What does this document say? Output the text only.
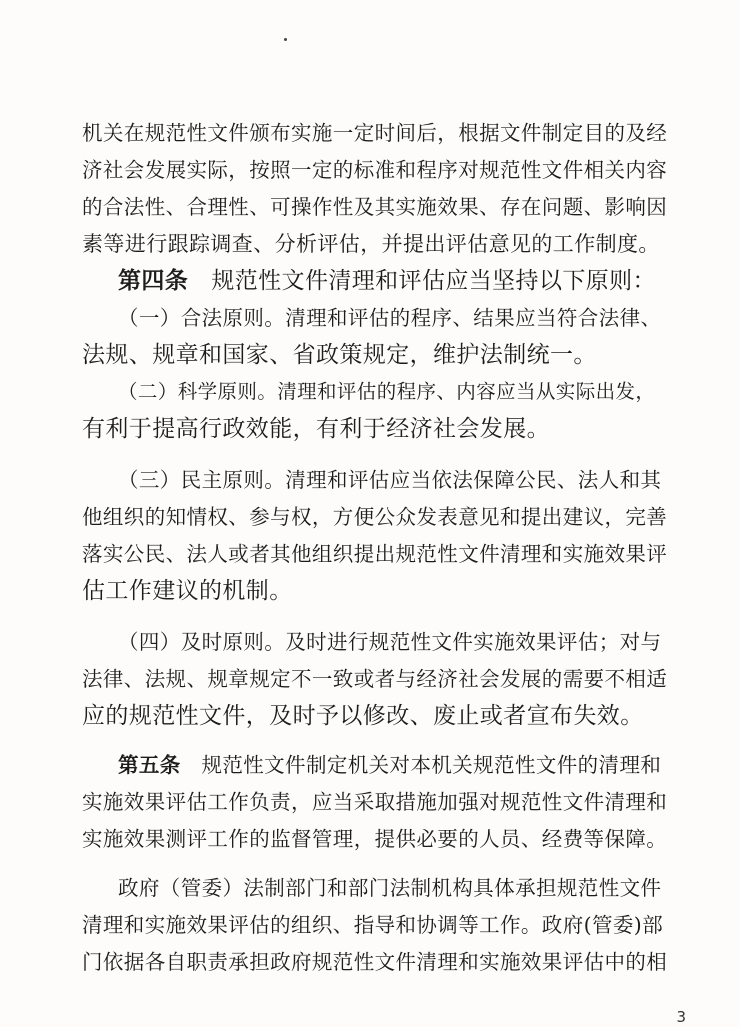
机关在规范性文件颁布实施一定时间后，根据文件制定目的及经
济社会发展实际，按照一定的标准和程序对规范性文件相关内容
的合法性、合理性、可操作性及其实施效果、存在问题、影响因
素等进行跟踪调查、分析评估，并提出评估意见的工作制度。
第四条 规范性文件清理和评估应当坚持以下原则：
（一）合法原则。清理和评估的程序、结果应当符合法律、
法规、规章和国家、省政策规定，维护法制统一。
（二）科学原则。清理和评估的程序、内容应当从实际出发，
有利于提高行政效能，有利于经济社会发展。
（三）民主原则。清理和评估应当依法保障公民、法人和其
他组织的知情权、参与权，方便公众发表意见和提出建议，完善
落实公民、法人或者其他组织提出规范性文件清理和实施效果评
估工作建议的机制。
（四）及时原则。及时进行规范性文件实施效果评估；对与
法律、法规、规章规定不一致或者与经济社会发展的需要不相适
应的规范性文件，及时予以修改、废止或者宣布失效。
第五条 规范性文件制定机关对本机关规范性文件的清理和
实施效果评估工作负责，应当采取措施加强对规范性文件清理和
实施效果测评工作的监督管理，提供必要的人员、经费等保障。
政府（管委）法制部门和部门法制机构具体承担规范性文件
清理和实施效果评估的组织、指导和协调等工作。政府(管委)部
门依据各自职责承担政府规范性文件清理和实施效果评估中的相
3
